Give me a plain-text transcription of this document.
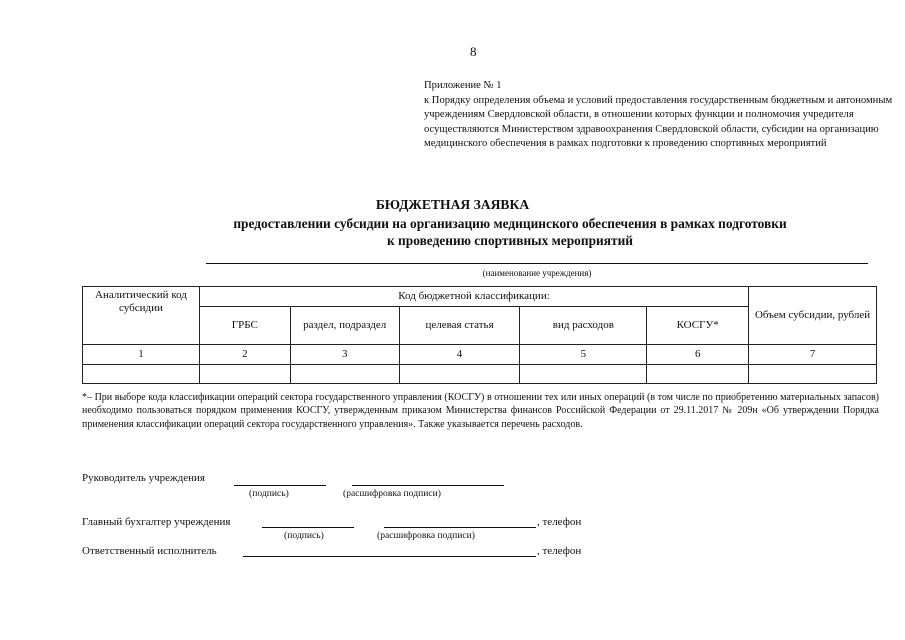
8
Приложение № 1
к Порядку определения объема и условий предоставления государственным бюджетным и автономным учреждениям Свердловской области, в отношении которых функции и полномочия учредителя осуществляются Министерством здравоохранения Свердловской области, субсидии на организацию медицинского обеспечения в рамках подготовки к проведению спортивных мероприятий
БЮДЖЕТНАЯ ЗАЯВКА
предоставлении субсидии на организацию медицинского обеспечения в рамках подготовки
к проведению спортивных мероприятий
(наименование учреждения)
Аналитический код субсидии	Код бюджетной классификации:					Объем субсидии, рублей
	ГРБС	раздел, подраздел	целевая статья	вид расходов	КОСГУ*	
1	2	3	4	5	6	7

*– При выборе кода классификации операций сектора государственного управления (КОСГУ) в отношении тех или иных операций (в том числе по приобретению материальных запасов) необходимо пользоваться порядком применения КОСГУ, утвержденным приказом Министерства финансов Российской Федерации от 29.11.2017 № 209н «Об утверждении Порядка применения классификации операций сектора государственного управления». Также указывается перечень расходов.
Руководитель учреждения
(подпись)	(расшифровка подписи)
Главный бухгалтер учреждения	, телефон
(подпись)	(расшифровка подписи)
Ответственный исполнитель	, телефон
